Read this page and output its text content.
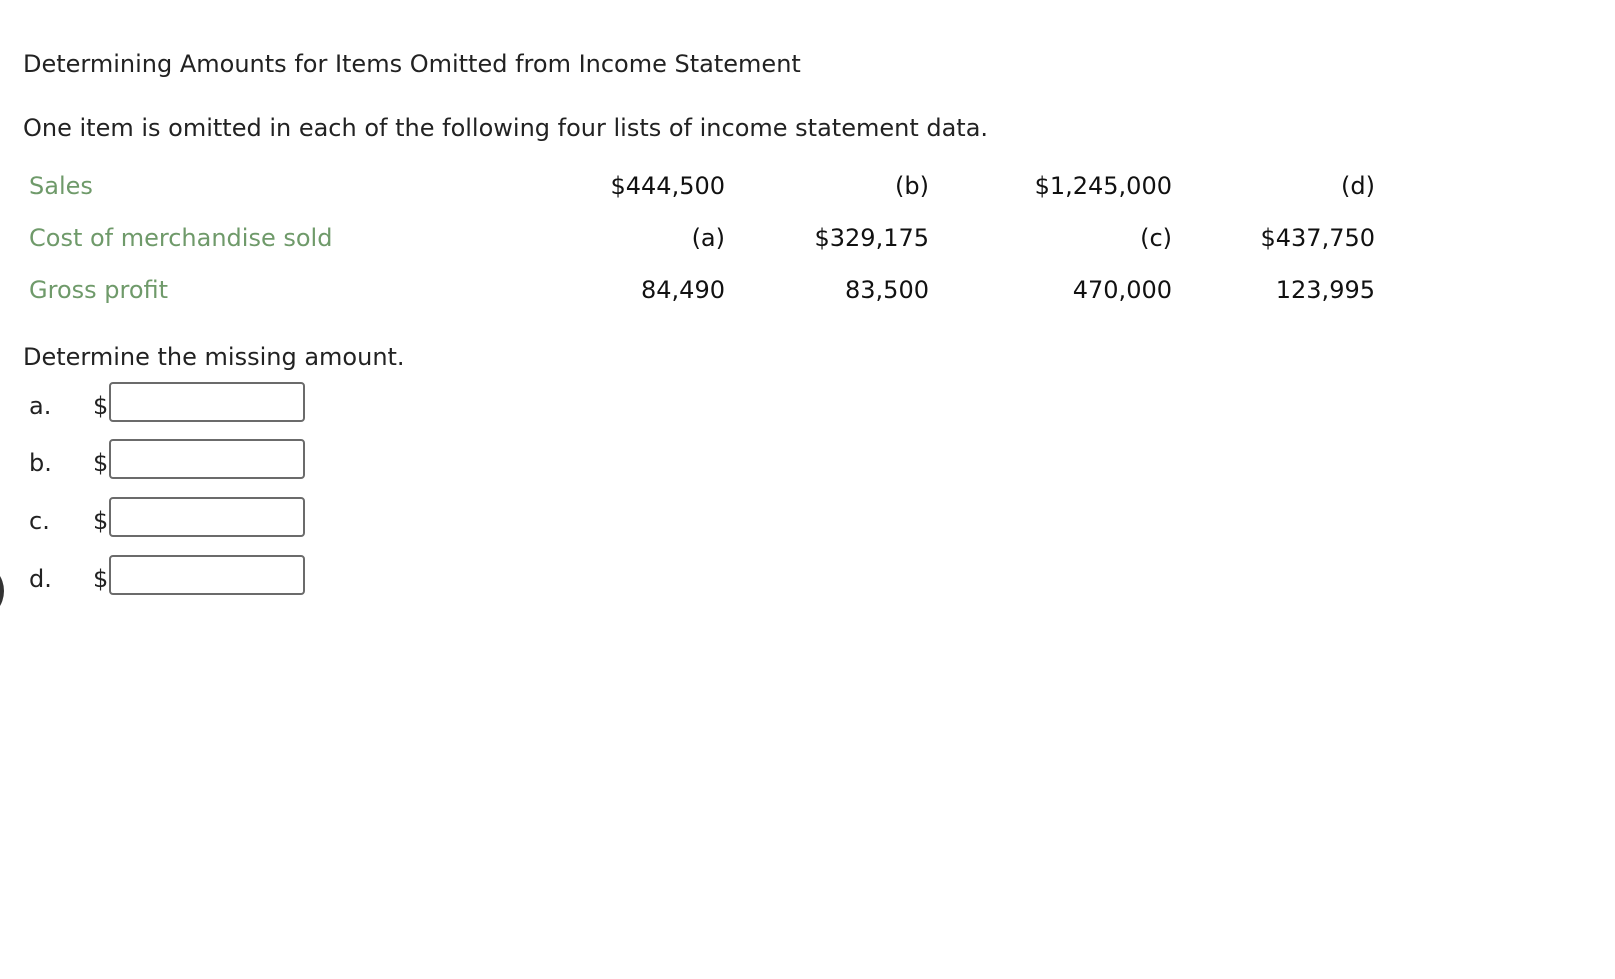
Determining Amounts for Items Omitted from Income Statement
One item is omitted in each of the following four lists of income statement data.
Sales	$444,500	(b)	$1,245,000	(d)
Cost of merchandise sold	(a)	$329,175	(c)	$437,750
Gross profit	84,490	83,500	470,000	123,995
Determine the missing amount.
a. $
b. $
c. $
d. $
